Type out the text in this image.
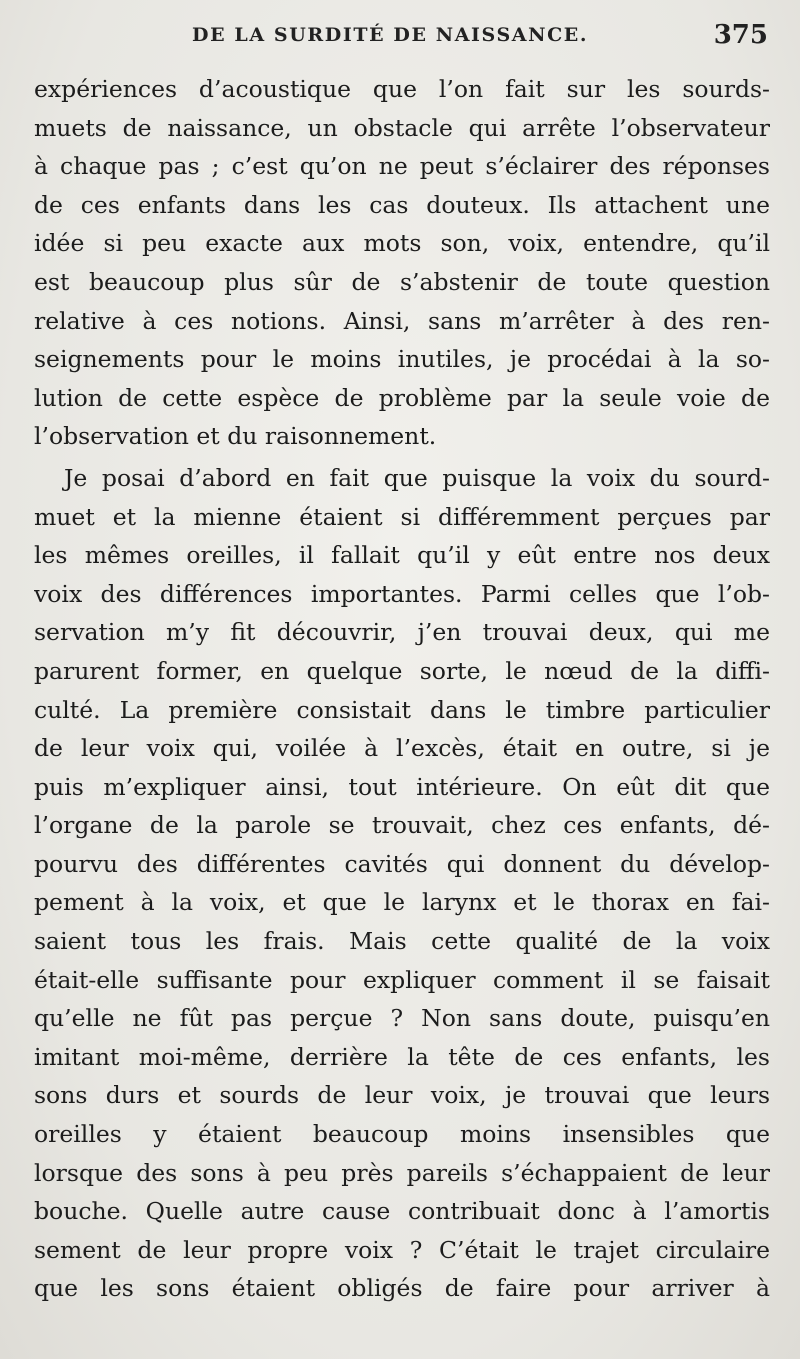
DE LA SURDITÉ DE NAISSANCE.	375
expériences d’acoustique que l’on fait sur les sourds-
muets de naissance, un obstacle qui arrête l’observateur
à chaque pas ; c’est qu’on ne peut s’éclairer des réponses
de ces enfants dans les cas douteux. Ils attachent une
idée si peu exacte aux mots son, voix, entendre, qu’il
est beaucoup plus sûr de s’abstenir de toute question
relative à ces notions. Ainsi, sans m’arrêter à des ren-
seignements pour le moins inutiles, je procédai à la so-
lution de cette espèce de problème par la seule voie de
l’observation et du raisonnement.
Je posai d’abord en fait que puisque la voix du sourd-
muet et la mienne étaient si différemment perçues par
les mêmes oreilles, il fallait qu’il y eût entre nos deux
voix des différences importantes. Parmi celles que l’ob-
servation m’y fit découvrir, j’en trouvai deux, qui me
parurent former, en quelque sorte, le nœud de la diffi-
culté. La première consistait dans le timbre particulier
de leur voix qui, voilée à l’excès, était en outre, si je
puis m’expliquer ainsi, tout intérieure. On eût dit que
l’organe de la parole se trouvait, chez ces enfants, dé-
pourvu des différentes cavités qui donnent du dévelop-
pement à la voix, et que le larynx et le thorax en fai-
saient tous les frais. Mais cette qualité de la voix
était-elle suffisante pour expliquer comment il se faisait
qu’elle ne fût pas perçue ? Non sans doute, puisqu’en
imitant moi-même, derrière la tête de ces enfants, les
sons durs et sourds de leur voix, je trouvai que leurs
oreilles y étaient beaucoup moins insensibles que
lorsque des sons à peu près pareils s’échappaient de leur
bouche. Quelle autre cause contribuait donc à l’amortis
sement de leur propre voix ? C’était le trajet circulaire
que les sons étaient obligés de faire pour arriver à
